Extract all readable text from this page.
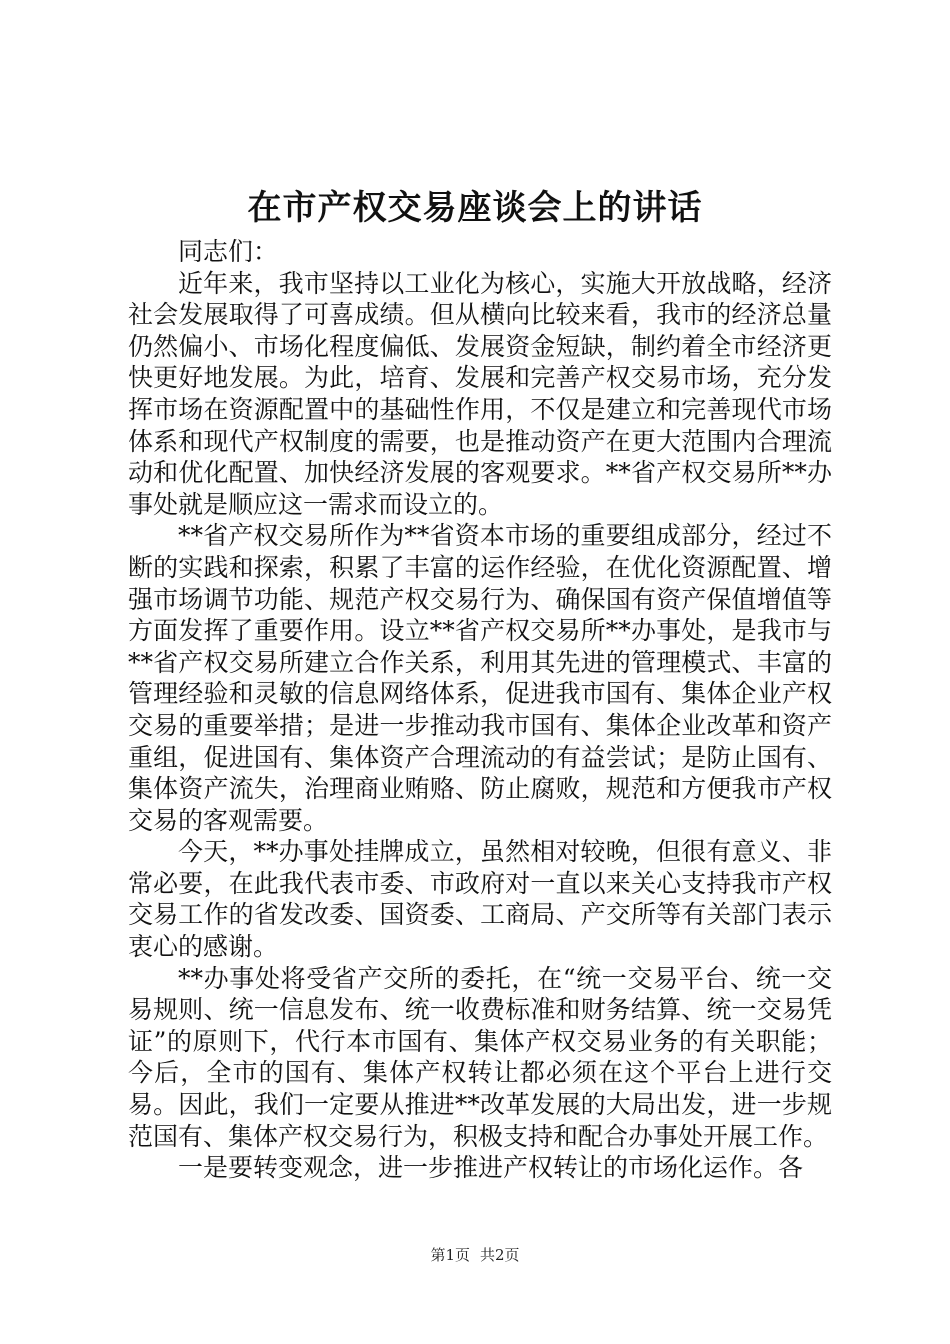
在市产权交易座谈会上的讲话

同志们：

近年来，我市坚持以工业化为核心，实施大开放战略，经济社会发展取得了可喜成绩。但从横向比较来看，我市的经济总量仍然偏小、市场化程度偏低、发展资金短缺，制约着全市经济更快更好地发展。为此，培育、发展和完善产权交易市场，充分发挥市场在资源配置中的基础性作用，不仅是建立和完善现代市场体系和现代产权制度的需要，也是推动资产在更大范围内合理流动和优化配置、加快经济发展的客观要求。**省产权交易所**办事处就是顺应这一需求而设立的。

**省产权交易所作为**省资本市场的重要组成部分，经过不断的实践和探索，积累了丰富的运作经验，在优化资源配置、增强市场调节功能、规范产权交易行为、确保国有资产保值增值等方面发挥了重要作用。设立**省产权交易所**办事处，是我市与**省产权交易所建立合作关系，利用其先进的管理模式、丰富的管理经验和灵敏的信息网络体系，促进我市国有、集体企业产权交易的重要举措；是进一步推动我市国有、集体企业改革和资产重组，促进国有、集体资产合理流动的有益尝试；是防止国有、集体资产流失，治理商业贿赂、防止腐败，规范和方便我市产权交易的客观需要。

今天，**办事处挂牌成立，虽然相对较晚，但很有意义、非常必要，在此我代表市委、市政府对一直以来关心支持我市产权交易工作的省发改委、国资委、工商局、产交所等有关部门表示衷心的感谢。

**办事处将受省产交所的委托，在“统一交易平台、统一交易规则、统一信息发布、统一收费标准和财务结算、统一交易凭证”的原则下，代行本市国有、集体产权交易业务的有关职能；今后，全市的国有、集体产权转让都必须在这个平台上进行交易。因此，我们一定要从推进**改革发展的大局出发，进一步规范国有、集体产权交易行为，积极支持和配合办事处开展工作。

一是要转变观念，进一步推进产权转让的市场化运作。各

第1页 共2页
